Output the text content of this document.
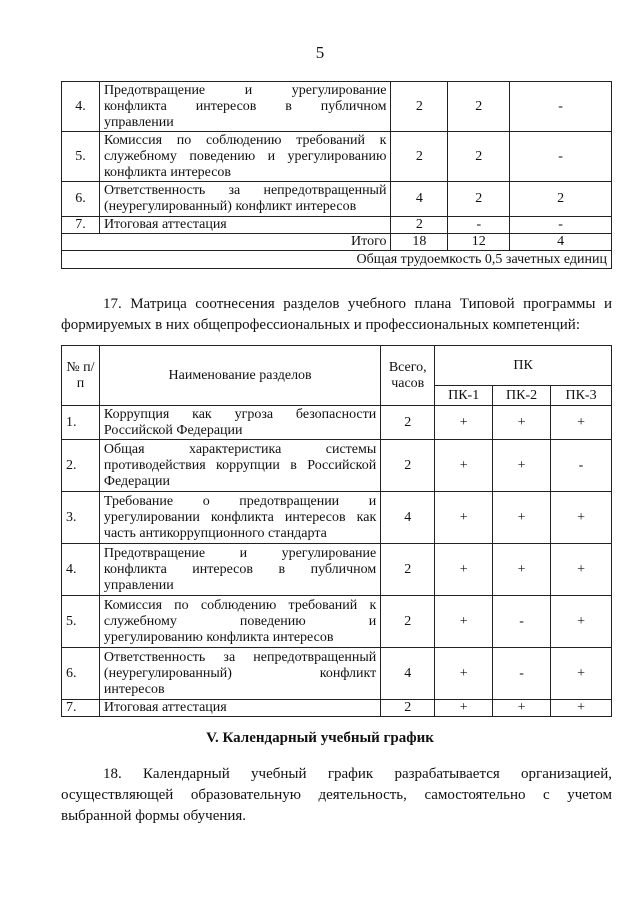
5
4.	Предотвращение и урегулирование
конфликта интересов в публичном
управлении	2	2	-
5.	Комиссия по соблюдению требований к
служебному поведению и урегулированию
конфликта интересов	2	2	-
6.	Ответственность за непредотвращенный
(неурегулированный) конфликт интересов	4	2	2
7.	Итоговая аттестация	2	-	-
Итого		18	12	4
Общая трудоемкость 0,5 зачетных единиц				
17. Матрица соотнесения разделов учебного плана Типовой программы и формируемых в них общепрофессиональных и профессиональных компетенций:
№ п/п	Наименование разделов	Всего, часов	ПК		
			ПК-1	ПК-2	ПК-3
1.	Коррупция как угроза безопасности
Российской Федерации	2	+	+	+
2.	Общая характеристика системы
противодействия коррупции в Российской
Федерации	2	+	+	-
3.	Требование о предотвращении и
урегулировании конфликта интересов как
часть антикоррупционного стандарта	4	+	+	+
4.	Предотвращение и урегулирование
конфликта интересов в публичном
управлении	2	+	+	+
5.	Комиссия по соблюдению требований к
служебному поведению и
урегулированию конфликта интересов	2	+	-	+
6.	Ответственность за непредотвращенный
(неурегулированный) конфликт
интересов	4	+	-	+
7.	Итоговая аттестация	2	+	+	+
V. Календарный учебный график
18. Календарный учебный график разрабатывается организацией, осуществляющей образовательную деятельность, самостоятельно с учетом выбранной формы обучения.
